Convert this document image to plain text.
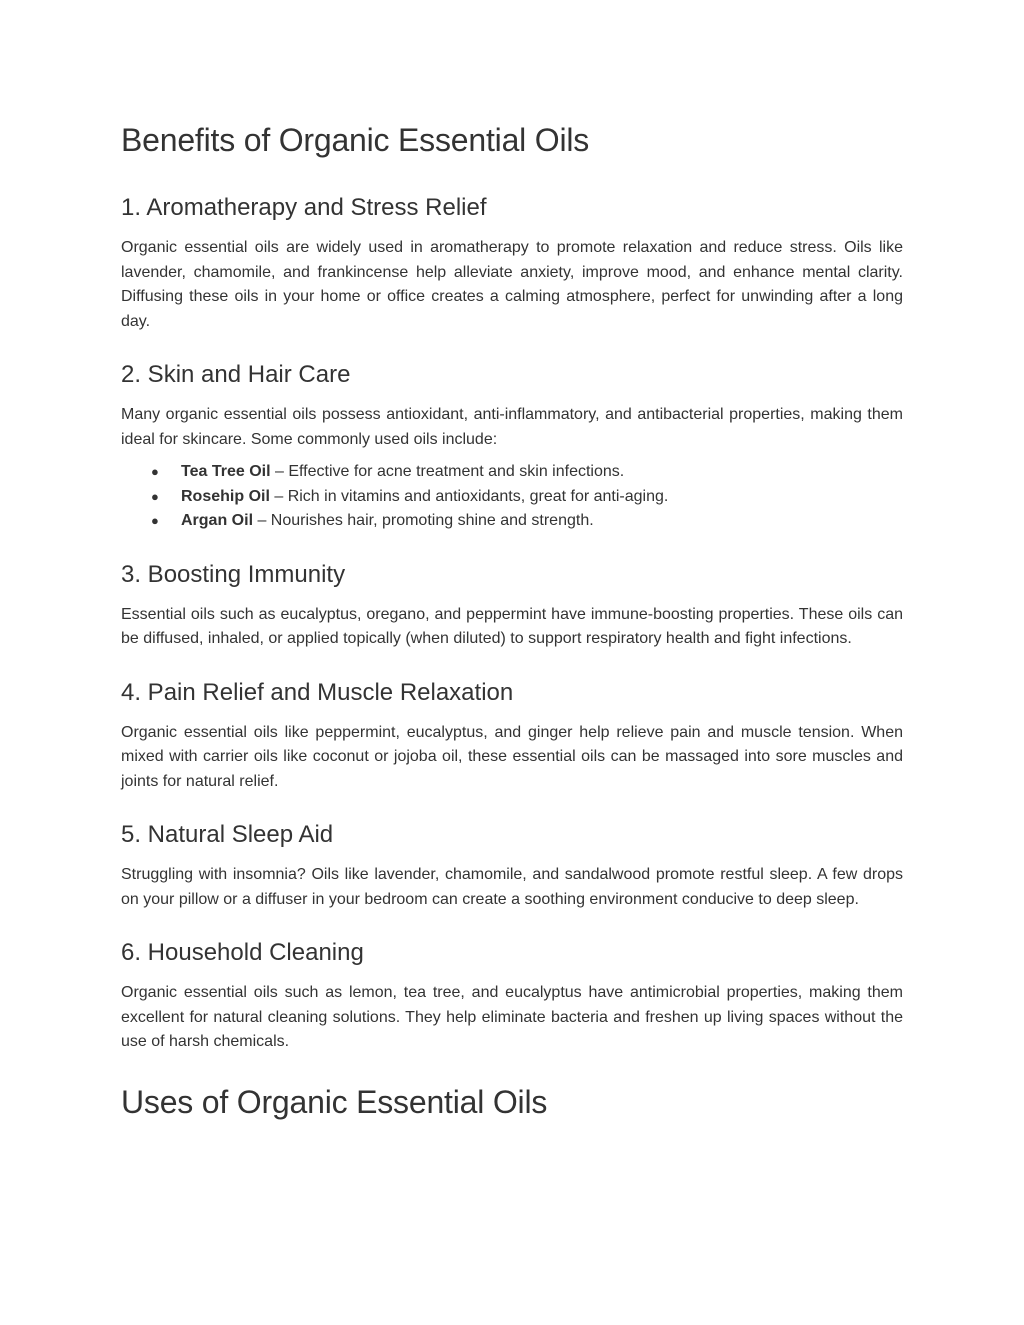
Benefits of Organic Essential Oils
1. Aromatherapy and Stress Relief

Organic essential oils are widely used in aromatherapy to promote relaxation and reduce stress. Oils like lavender, chamomile, and frankincense help alleviate anxiety, improve mood, and enhance mental clarity. Diffusing these oils in your home or office creates a calming atmosphere, perfect for unwinding after a long day.

2. Skin and Hair Care

Many organic essential oils possess antioxidant, anti-inflammatory, and antibacterial properties, making them ideal for skincare. Some commonly used oils include:

● Tea Tree Oil – Effective for acne treatment and skin infections.
● Rosehip Oil – Rich in vitamins and antioxidants, great for anti-aging.
● Argan Oil – Nourishes hair, promoting shine and strength.
3. Boosting Immunity

Essential oils such as eucalyptus, oregano, and peppermint have immune-boosting properties. These oils can be diffused, inhaled, or applied topically (when diluted) to support respiratory health and fight infections.

4. Pain Relief and Muscle Relaxation

Organic essential oils like peppermint, eucalyptus, and ginger help relieve pain and muscle tension. When mixed with carrier oils like coconut or jojoba oil, these essential oils can be massaged into sore muscles and joints for natural relief.

5. Natural Sleep Aid

Struggling with insomnia? Oils like lavender, chamomile, and sandalwood promote restful sleep. A few drops on your pillow or a diffuser in your bedroom can create a soothing environment conducive to deep sleep.

6. Household Cleaning

Organic essential oils such as lemon, tea tree, and eucalyptus have antimicrobial properties, making them excellent for natural cleaning solutions. They help eliminate bacteria and freshen up living spaces without the use of harsh chemicals.

Uses of Organic Essential Oils
